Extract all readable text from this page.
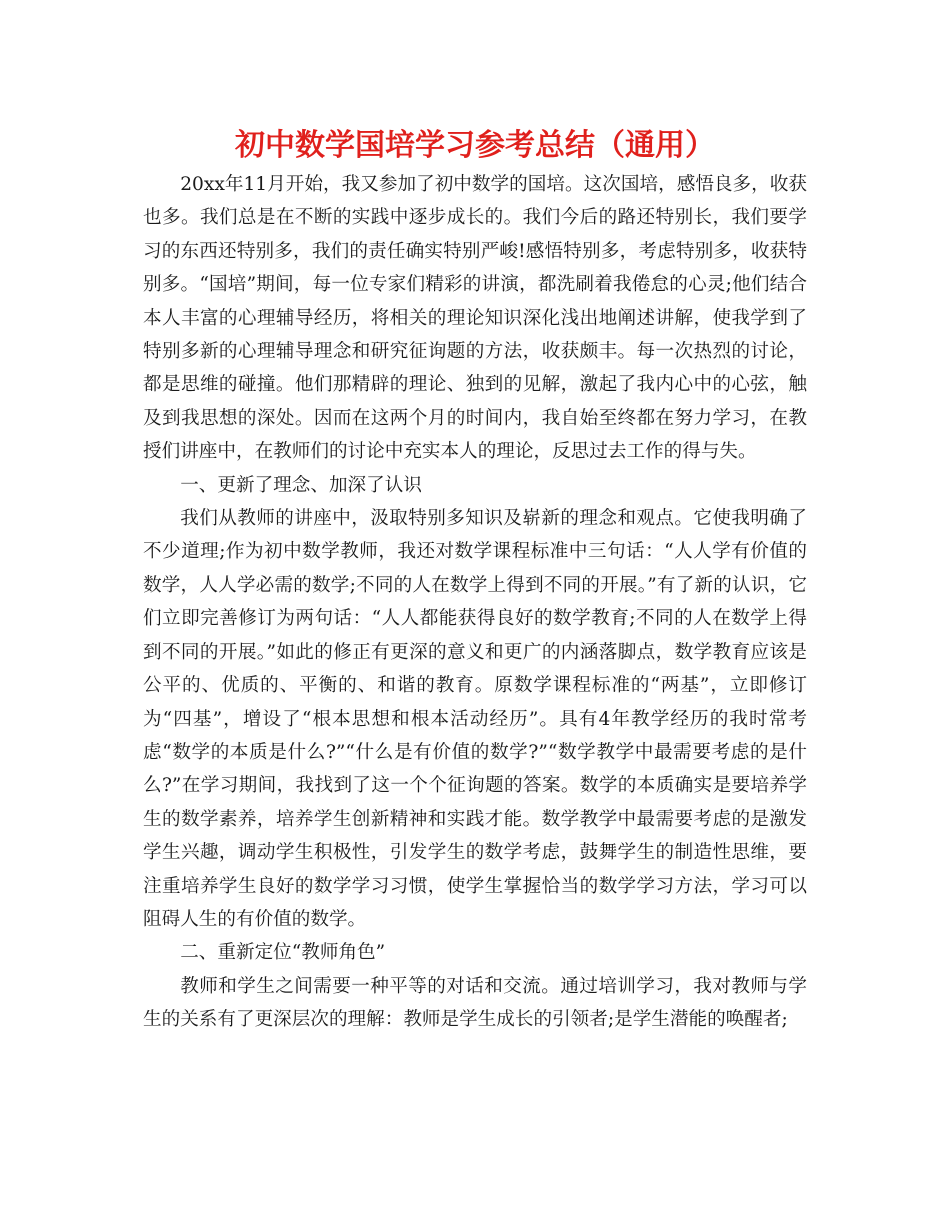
初中数学国培学习参考总结（通用）

20xx年11月开始，我又参加了初中数学的国培。这次国培，感悟良多，收获也多。我们总是在不断的实践中逐步成长的。我们今后的路还特别长，我们要学习的东西还特别多，我们的责任确实特别严峻!感悟特别多，考虑特别多，收获特别多。“国培”期间，每一位专家们精彩的讲演，都洗刷着我倦怠的心灵;他们结合本人丰富的心理辅导经历，将相关的理论知识深化浅出地阐述讲解，使我学到了特别多新的心理辅导理念和研究征询题的方法，收获颇丰。每一次热烈的讨论，都是思维的碰撞。他们那精辟的理论、独到的见解，激起了我内心中的心弦，触及到我思想的深处。因而在这两个月的时间内，我自始至终都在努力学习，在教授们讲座中，在教师们的讨论中充实本人的理论，反思过去工作的得与失。

一、更新了理念、加深了认识

我们从教师的讲座中，汲取特别多知识及崭新的理念和观点。它使我明确了不少道理;作为初中数学教师，我还对数学课程标准中三句话：“人人学有价值的数学，人人学必需的数学;不同的人在数学上得到不同的开展。”有了新的认识，它们立即完善修订为两句话：“人人都能获得良好的数学教育;不同的人在数学上得到不同的开展。”如此的修正有更深的意义和更广的内涵落脚点，数学教育应该是公平的、优质的、平衡的、和谐的教育。原数学课程标准的“两基”，立即修订为“四基”，增设了“根本思想和根本活动经历”。具有4年教学经历的我时常考虑“数学的本质是什么?”“什么是有价值的数学?”“数学教学中最需要考虑的是什么?”在学习期间，我找到了这一个个征询题的答案。数学的本质确实是要培养学生的数学素养，培养学生创新精神和实践才能。数学教学中最需要考虑的是激发学生兴趣，调动学生积极性，引发学生的数学考虑，鼓舞学生的制造性思维，要注重培养学生良好的数学学习习惯，使学生掌握恰当的数学学习方法，学习可以阻碍人生的有价值的数学。

二、重新定位“教师角色”

教师和学生之间需要一种平等的对话和交流。通过培训学习，我对教师与学生的关系有了更深层次的理解：教师是学生成长的引领者;是学生潜能的唤醒者;
